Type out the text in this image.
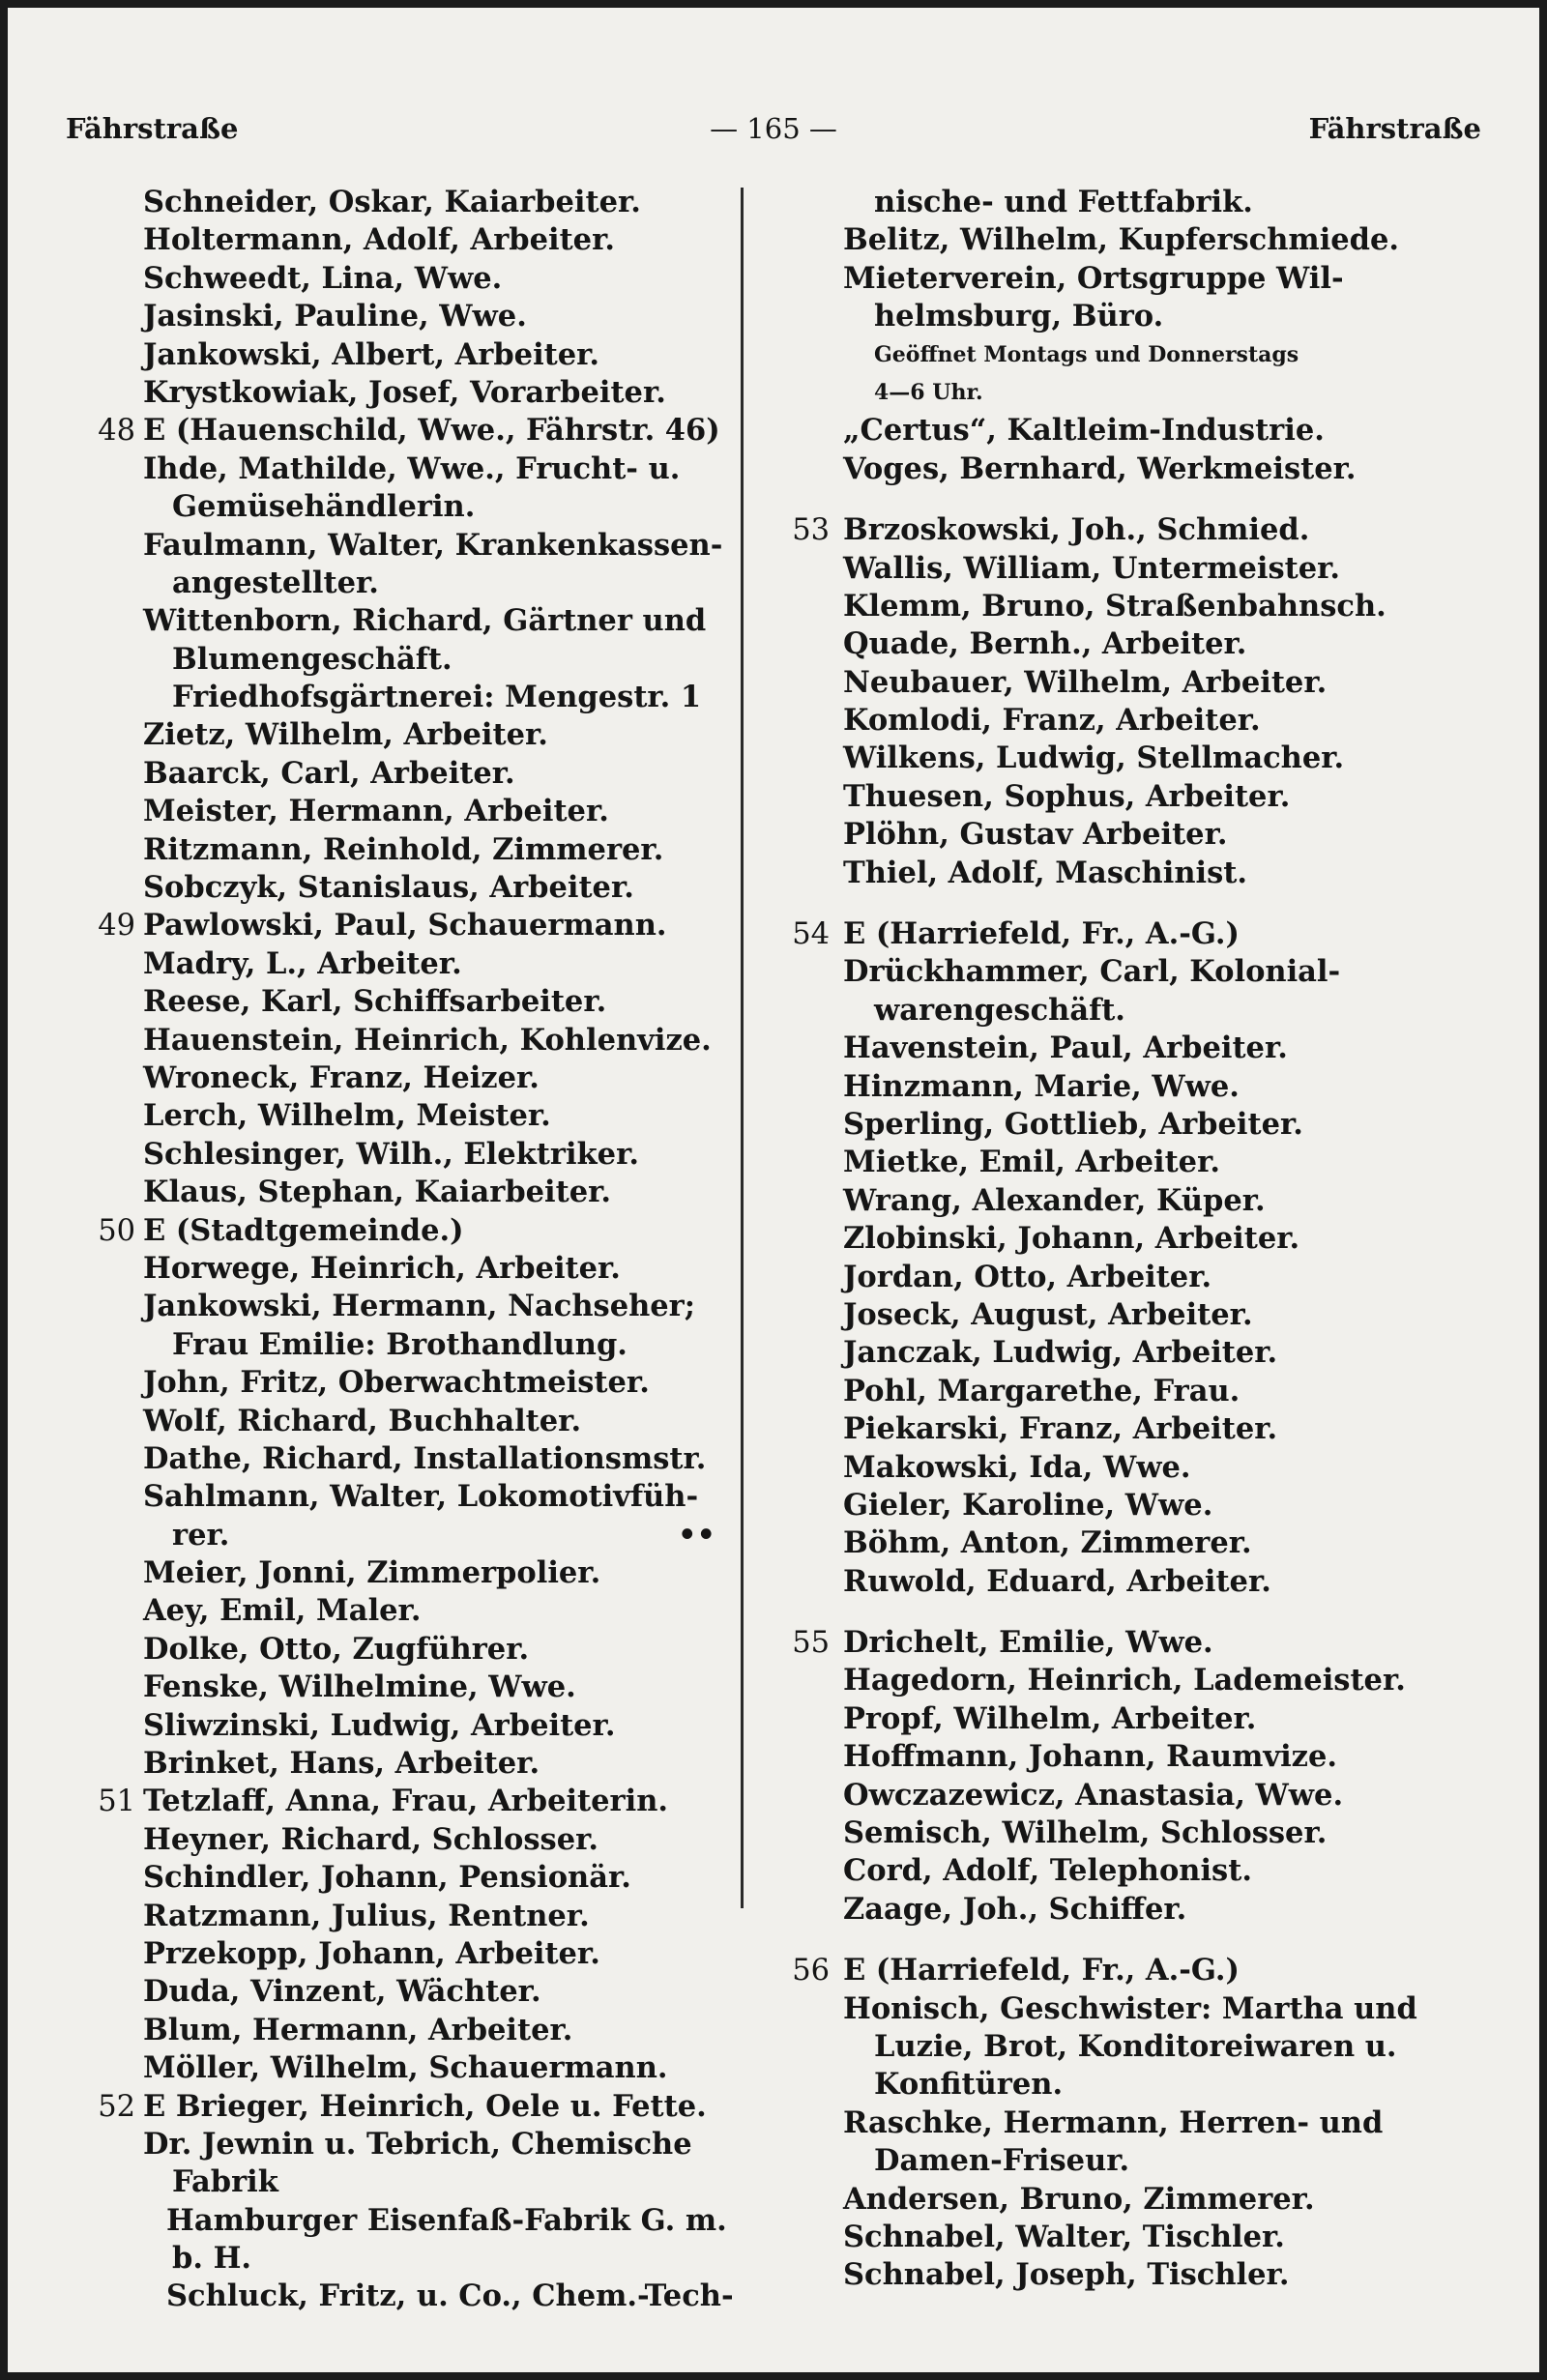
Fährstraße	— 165 —	Fährstraße
Schneider, Oskar, Kaiarbeiter.
Holtermann, Adolf, Arbeiter.
Schweedt, Lina, Wwe.
Jasinski, Pauline, Wwe.
Jankowski, Albert, Arbeiter.
Krystkowiak, Josef, Vorarbeiter.
48 E (Hauenschild, Wwe., Fährstr. 46)
Ihde, Mathilde, Wwe., Frucht- u.
Gemüsehändlerin.
Faulmann, Walter, Krankenkassen-
angestellter.
Wittenborn, Richard, Gärtner und
Blumengeschäft.
Friedhofsgärtnerei: Mengestr. 1
Zietz, Wilhelm, Arbeiter.
Baarck, Carl, Arbeiter.
Meister, Hermann, Arbeiter.
Ritzmann, Reinhold, Zimmerer.
Sobczyk, Stanislaus, Arbeiter.
49 Pawlowski, Paul, Schauermann.
Madry, L., Arbeiter.
Reese, Karl, Schiffsarbeiter.
Hauenstein, Heinrich, Kohlenvize.
Wroneck, Franz, Heizer.
Lerch, Wilhelm, Meister.
Schlesinger, Wilh., Elektriker.
Klaus, Stephan, Kaiarbeiter.
50 E (Stadtgemeinde.)
Horwege, Heinrich, Arbeiter.
Jankowski, Hermann, Nachseher;
Frau Emilie: Brothandlung.
John, Fritz, Oberwachtmeister.
Wolf, Richard, Buchhalter.
Dathe, Richard, Installationsmstr.
Sahlmann, Walter, Lokomotivfüh-
rer.	••
Meier, Jonni, Zimmerpolier.
Aey, Emil, Maler.
Dolke, Otto, Zugführer.
Fenske, Wilhelmine, Wwe.
Sliwzinski, Ludwig, Arbeiter.
Brinket, Hans, Arbeiter.
51 Tetzlaff, Anna, Frau, Arbeiterin.
Heyner, Richard, Schlosser.
Schindler, Johann, Pensionär.
Ratzmann, Julius, Rentner.
Przekopp, Johann, Arbeiter.
Duda, Vinzent, Wächter.
Blum, Hermann, Arbeiter.
Möller, Wilhelm, Schauermann.
52 E Brieger, Heinrich, Oele u. Fette.
Dr. Jewnin u. Tebrich, Chemische
Fabrik
Hamburger Eisenfaß-Fabrik G. m.
b. H.
Schluck, Fritz, u. Co., Chem.-Tech-
nische- und Fettfabrik.
Belitz, Wilhelm, Kupferschmiede.
Mieterverein, Ortsgruppe Wil-
helmsburg, Büro.
Geöffnet Montags und Donnerstags
4—6 Uhr.
„Certus“, Kaltleim-Industrie.
Voges, Bernhard, Werkmeister.
53 Brzoskowski, Joh., Schmied.
Wallis, William, Untermeister.
Klemm, Bruno, Straßenbahnsch.
Quade, Bernh., Arbeiter.
Neubauer, Wilhelm, Arbeiter.
Komlodi, Franz, Arbeiter.
Wilkens, Ludwig, Stellmacher.
Thuesen, Sophus, Arbeiter.
Plöhn, Gustav Arbeiter.
Thiel, Adolf, Maschinist.
54 E (Harriefeld, Fr., A.-G.)
Drückhammer, Carl, Kolonial-
warengeschäft.
Havenstein, Paul, Arbeiter.
Hinzmann, Marie, Wwe.
Sperling, Gottlieb, Arbeiter.
Mietke, Emil, Arbeiter.
Wrang, Alexander, Küper.
Zlobinski, Johann, Arbeiter.
Jordan, Otto, Arbeiter.
Joseck, August, Arbeiter.
Janczak, Ludwig, Arbeiter.
Pohl, Margarethe, Frau.
Piekarski, Franz, Arbeiter.
Makowski, Ida, Wwe.
Gieler, Karoline, Wwe.
Böhm, Anton, Zimmerer.
Ruwold, Eduard, Arbeiter.
55 Drichelt, Emilie, Wwe.
Hagedorn, Heinrich, Lademeister.
Propf, Wilhelm, Arbeiter.
Hoffmann, Johann, Raumvize.
Owczazewicz, Anastasia, Wwe.
Semisch, Wilhelm, Schlosser.
Cord, Adolf, Telephonist.
Zaage, Joh., Schiffer.
56 E (Harriefeld, Fr., A.-G.)
Honisch, Geschwister: Martha und
Luzie, Brot, Konditoreiwaren u.
Konfitüren.
Raschke, Hermann, Herren- und
Damen-Friseur.
Andersen, Bruno, Zimmerer.
Schnabel, Walter, Tischler.
Schnabel, Joseph, Tischler.
